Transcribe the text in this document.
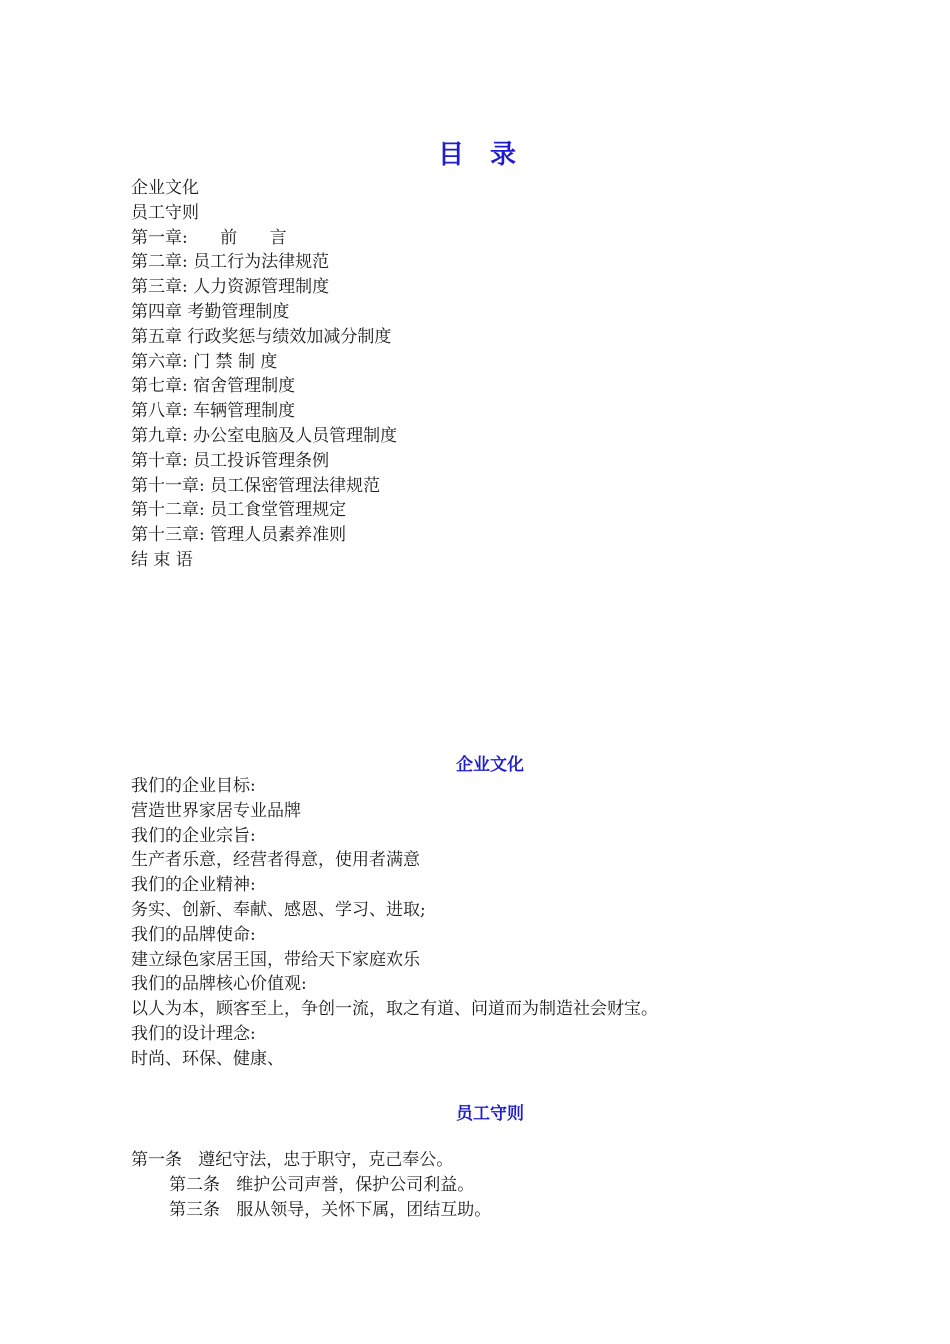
目录
企业文化
员工守则
第一章:      前      言
第二章: 员工行为法律规范
第三章: 人力资源管理制度
第四章 考勤管理制度
第五章 行政奖惩与绩效加减分制度
第六章: 门 禁 制 度
第七章: 宿舍管理制度
第八章: 车辆管理制度
第九章: 办公室电脑及人员管理制度
第十章: 员工投诉管理条例
第十一章: 员工保密管理法律规范
第十二章: 员工食堂管理规定
第十三章: 管理人员素养准则
结 束 语
企业文化
我们的企业目标:
营造世界家居专业品牌
我们的企业宗旨:
生产者乐意，经营者得意，使用者满意
我们的企业精神:
务实、创新、奉献、感恩、学习、进取;
我们的品牌使命:
建立绿色家居王国，带给天下家庭欢乐
我们的品牌核心价值观:
以人为本，顾客至上，争创一流，取之有道、问道而为制造社会财宝。
我们的设计理念:
时尚、环保、健康、
员工守则
第一条   遵纪守法，忠于职守，克己奉公。
第二条   维护公司声誉，保护公司利益。
第三条   服从领导，关怀下属，团结互助。
